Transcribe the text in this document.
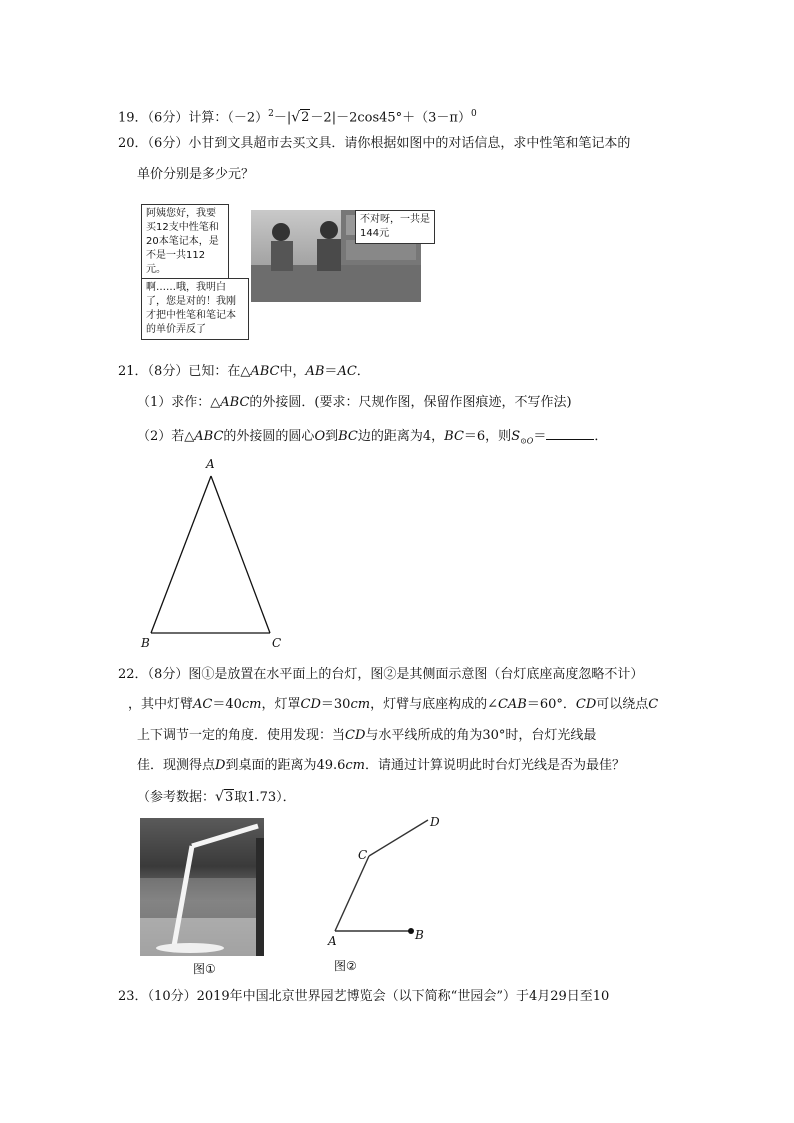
19．（6分）计算：$(-2)^2-|√2-2|-2\cos 45^\circ+(3-\pi)^0$
20．（6分）小甘到文具超市去买文具．请你根据如图中的对话信息，求中性笔和笔记本的
单价分别是多少元？
阿姨您好，我要买12支中性笔和20本笔记本，是不是一共112元。
不对呀，一共是144元
啊……哦，我明白了，您是对的！我刚才把中性笔和笔记本的单价弄反了
21．（8分）已知：在△ABC中，AB＝AC．
（1）求作：△ABC的外接圆．(要求：尺规作图，保留作图痕迹，不写作法)
（2）若△ABC的外接圆的圆心O到BC边的距离为4，BC＝6，则$S_{⊙O}=$	．
A
B	C
22．（8分）图①是放置在水平面上的台灯，图②是其侧面示意图（台灯底座高度忽略不计）
，其中灯臂AC＝40cm，灯罩CD＝30cm，灯臂与底座构成的∠CAB＝60°．CD可以绕点C
上下调节一定的角度．使用发现：当CD与水平线所成的角为30°时，台灯光线最
佳．现测得点D到桌面的距离为49.6cm．请通过计算说明此时台灯光线是否为最佳？
（参考数据：√3取1.73）．
图①
A	B
C
D
图②
23．（10分）2019年中国北京世界园艺博览会（以下简称“世园会”）于4月29日至10
